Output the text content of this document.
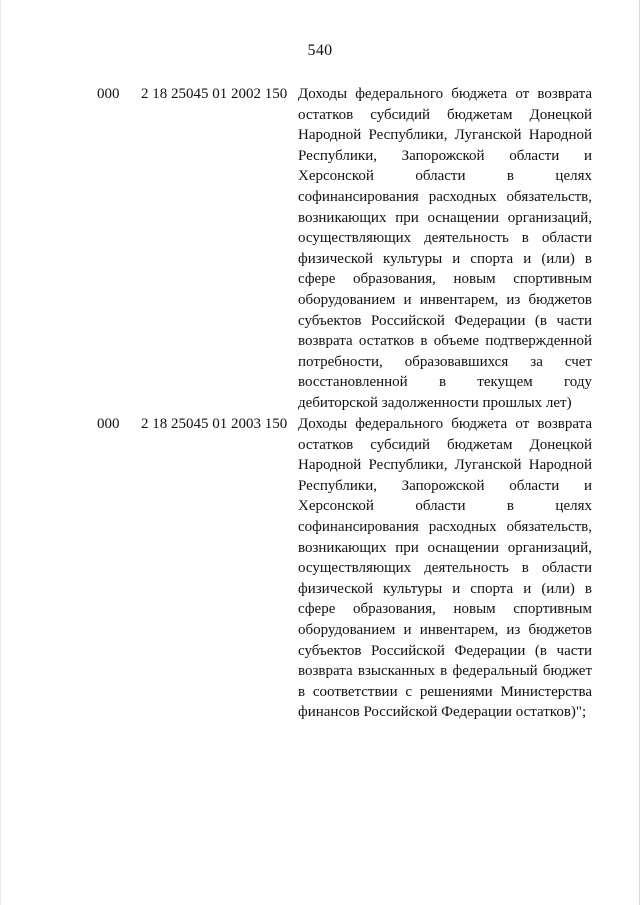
540
000 2 18 25045 01 2002 150 Доходы федерального бюджета от возврата остатков субсидий бюджетам Донецкой Народной Республики, Луганской Народной Республики, Запорожской области и Херсонской области в целях софинансирования расходных обязательств, возникающих при оснащении организаций, осуществляющих деятельность в области физической культуры и спорта и (или) в сфере образования, новым спортивным оборудованием и инвентарем, из бюджетов субъектов Российской Федерации (в части возврата остатков в объеме подтвержденной потребности, образовавшихся за счет восстановленной в текущем году дебиторской задолженности прошлых лет)
000 2 18 25045 01 2003 150 Доходы федерального бюджета от возврата остатков субсидий бюджетам Донецкой Народной Республики, Луганской Народной Республики, Запорожской области и Херсонской области в целях софинансирования расходных обязательств, возникающих при оснащении организаций, осуществляющих деятельность в области физической культуры и спорта и (или) в сфере образования, новым спортивным оборудованием и инвентарем, из бюджетов субъектов Российской Федерации (в части возврата взысканных в федеральный бюджет в соответствии с решениями Министерства финансов Российской Федерации остатков)";
